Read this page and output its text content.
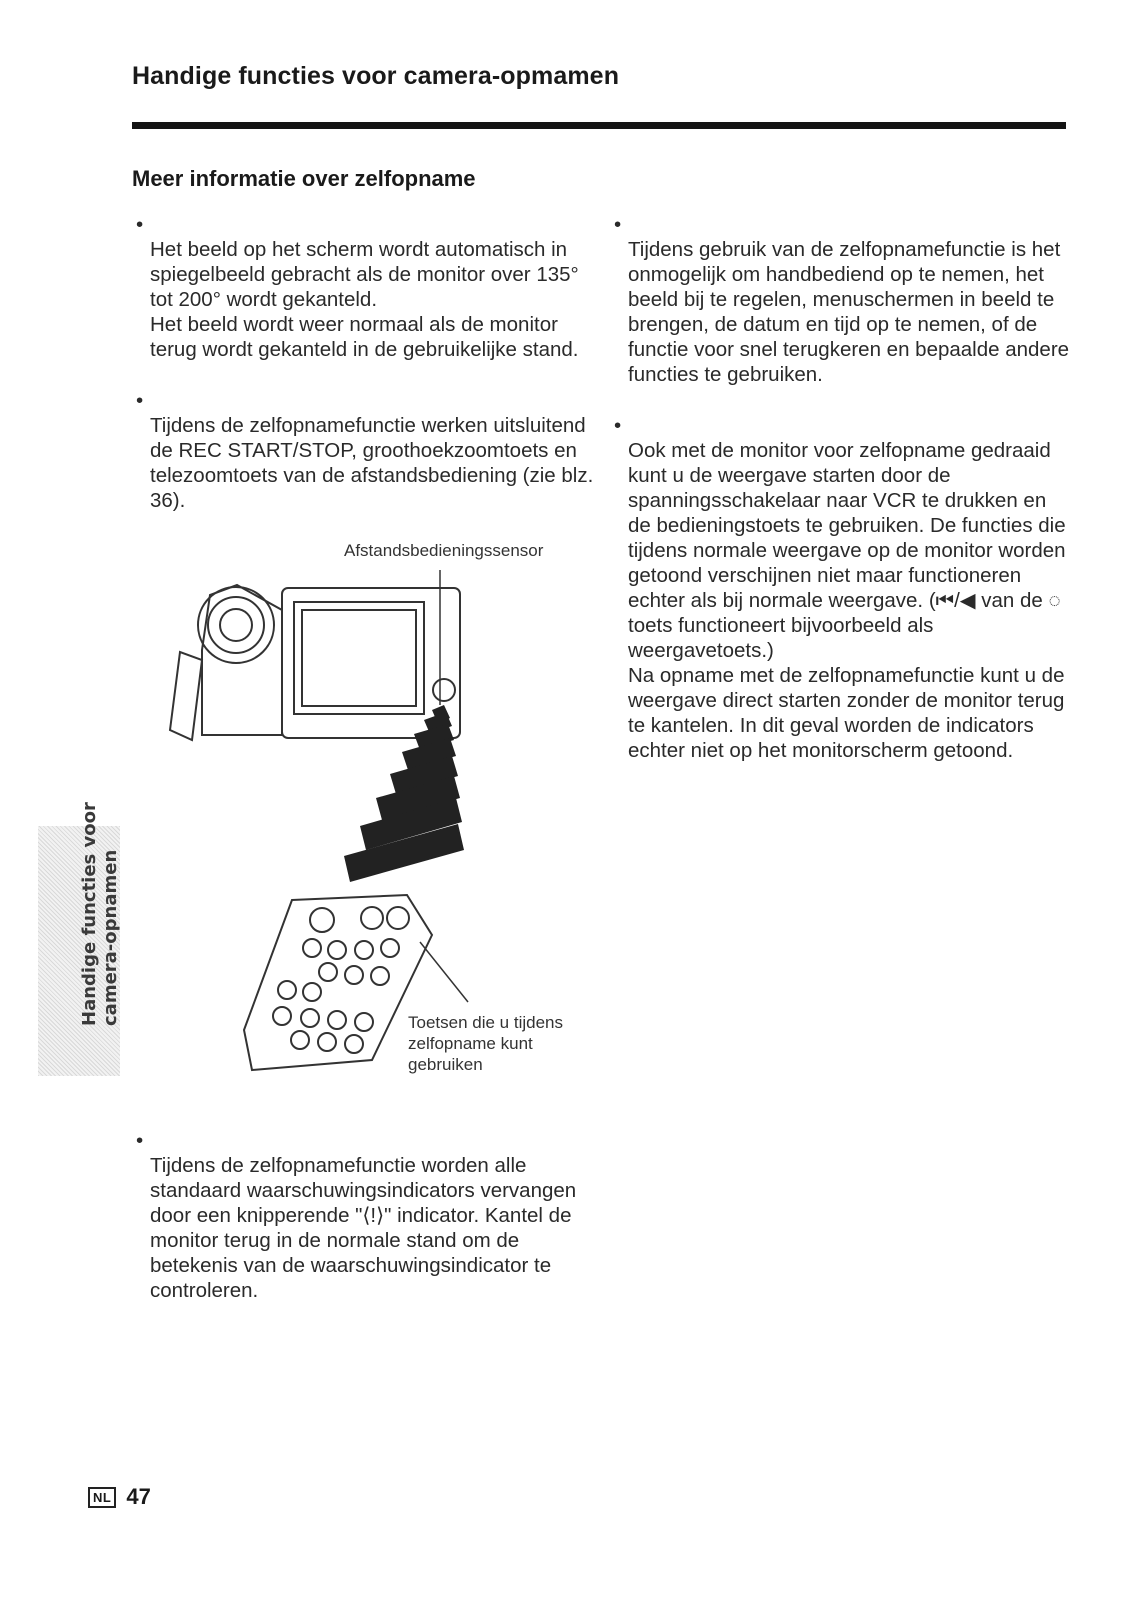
Handige functies voor camera-opmamen
Meer informatie over zelfopname

• Het beeld op het scherm wordt automatisch in spiegelbeeld gebracht als de monitor over 135° tot 200° wordt gekanteld.
Het beeld wordt weer normaal als de monitor terug wordt gekanteld in de gebruikelijke stand.

• Tijdens de zelfopnamefunctie werken uitsluitend de REC START/STOP, groothoekzoomtoets en telezoomtoets van de afstandsbediening (zie blz. 36).

Afstandsbedieningssensor
Toetsen die u tijdens zelfopname kunt gebruiken

• Tijdens de zelfopnamefunctie worden alle standaard waarschuwingsindicators vervangen door een knipperende "⟨!⟩" indicator. Kantel de monitor terug in de normale stand om de betekenis van de waarschuwingsindicator te controleren.

• Tijdens gebruik van de zelfopnamefunctie is het onmogelijk om handbediend op te nemen, het beeld bij te regelen, menuschermen in beeld te brengen, de datum en tijd op te nemen, of de functie voor snel terugkeren en bepaalde andere functies te gebruiken.

• Ook met de monitor voor zelfopname gedraaid kunt u de weergave starten door de spanningsschakelaar naar VCR te drukken en de bedieningstoets te gebruiken. De functies die tijdens normale weergave op de monitor worden getoond verschijnen niet maar functioneren echter als bij normale weergave. (⏮/◀ van de ◌ toets functioneert bijvoorbeeld als weergavetoets.)
Na opname met de zelfopnamefunctie kunt u de weergave direct starten zonder de monitor terug te kantelen. In dit geval worden de indicators echter niet op het monitorscherm getoond.

Handige functies voor camera-opnamen
NL 47
